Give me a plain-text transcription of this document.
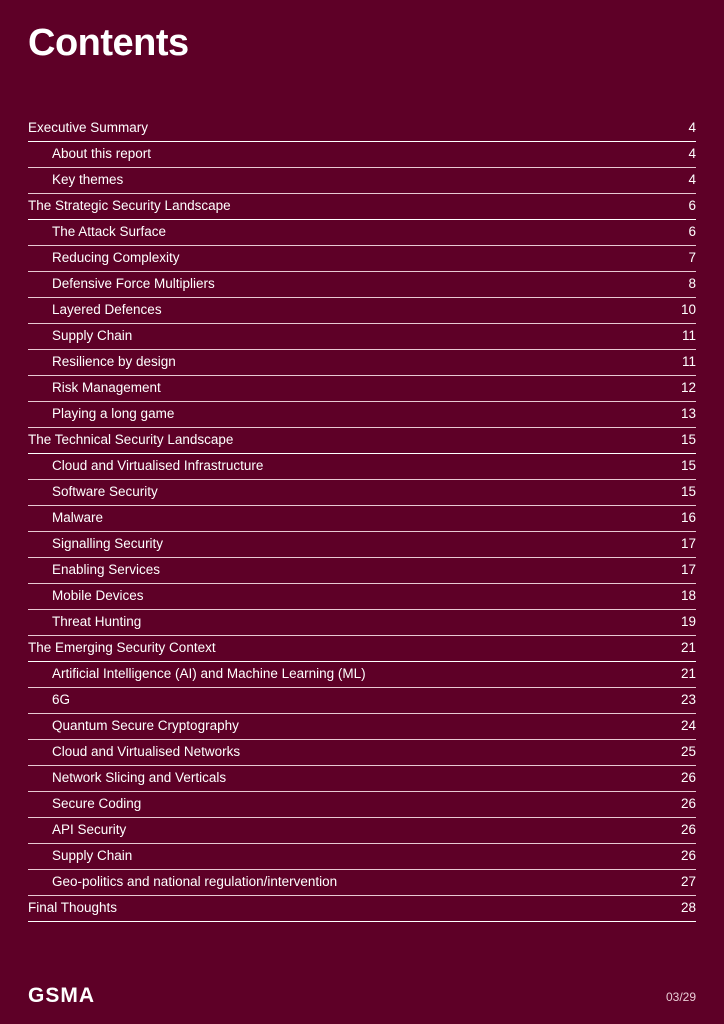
Contents
Executive Summary	4
About this report	4
Key themes	4
The Strategic Security Landscape	6
The Attack Surface	6
Reducing Complexity	7
Defensive Force Multipliers	8
Layered Defences	10
Supply Chain	11
Resilience by design	11
Risk Management	12
Playing a long game	13
The Technical Security Landscape	15
Cloud and Virtualised Infrastructure	15
Software Security	15
Malware	16
Signalling Security	17
Enabling Services	17
Mobile Devices	18
Threat Hunting	19
The Emerging Security Context	21
Artificial Intelligence (AI) and Machine Learning (ML)	21
6G	23
Quantum Secure Cryptography	24
Cloud and Virtualised Networks	25
Network Slicing and Verticals	26
Secure Coding	26
API Security	26
Supply Chain	26
Geo-politics and national regulation/intervention	27
Final Thoughts	28
GSMA	03/29
